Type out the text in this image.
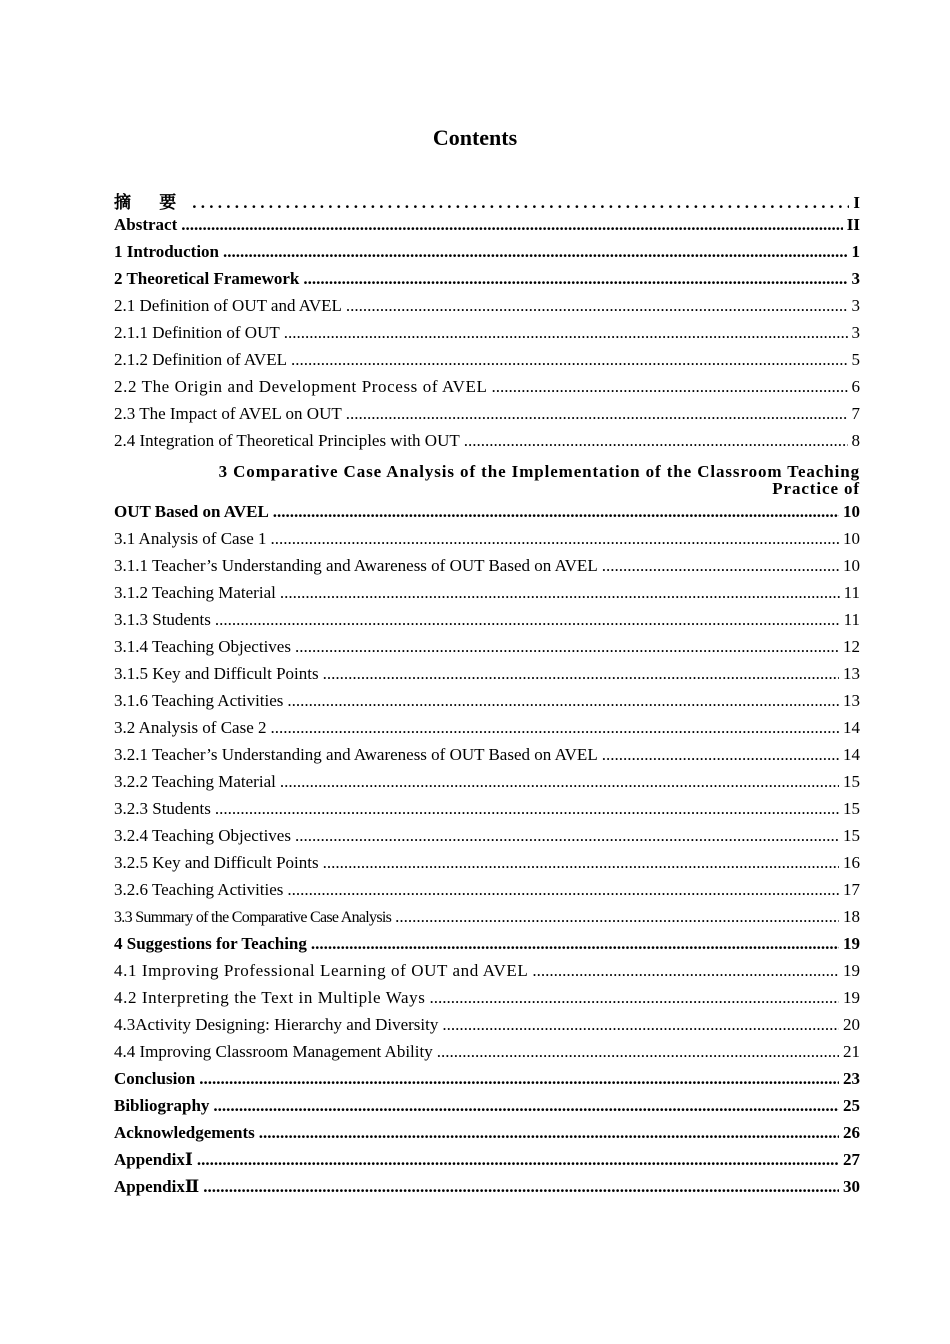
Contents
摘 要 . . .	I
Abstract .....	II
1 Introduction .....	1
2 Theoretical Framework .....	3
2.1 Definition of OUT and AVEL .....	3
2.1.1 Definition of OUT .....	3
2.1.2 Definition of AVEL .....	5
2.2 The Origin and Development Process of AVEL .....	6
2.3 The Impact of AVEL on OUT .....	7
2.4 Integration of Theoretical Principles with OUT .....	8
3 Comparative Case Analysis of the Implementation of the Classroom Teaching
Practice of
OUT Based on AVEL .....	10
3.1 Analysis of Case 1 .....	10
3.1.1 Teacher’s Understanding and Awareness of OUT Based on AVEL .....	10
3.1.2 Teaching Material .....	11
3.1.3 Students .....	11
3.1.4 Teaching Objectives .....	12
3.1.5 Key and Difficult Points .....	13
3.1.6 Teaching Activities .....	13
3.2 Analysis of Case 2 .....	14
3.2.1 Teacher’s Understanding and Awareness of OUT Based on AVEL .....	14
3.2.2 Teaching Material .....	15
3.2.3 Students .....	15
3.2.4 Teaching Objectives .....	15
3.2.5 Key and Difficult Points .....	16
3.2.6 Teaching Activities .....	17
3.3 Summary of the Comparative Case Analysis .....	18
4 Suggestions for Teaching .....	19
4.1 Improving Professional Learning of OUT and AVEL .....	19
4.2 Interpreting the Text in Multiple Ways .....	19
4.3Activity Designing: Hierarchy and Diversity .....	20
4.4 Improving Classroom Management Ability .....	21
Conclusion .....	23
Bibliography .....	25
Acknowledgements .....	26
AppendixⅠ .....	27
AppendixⅡ .....	30
